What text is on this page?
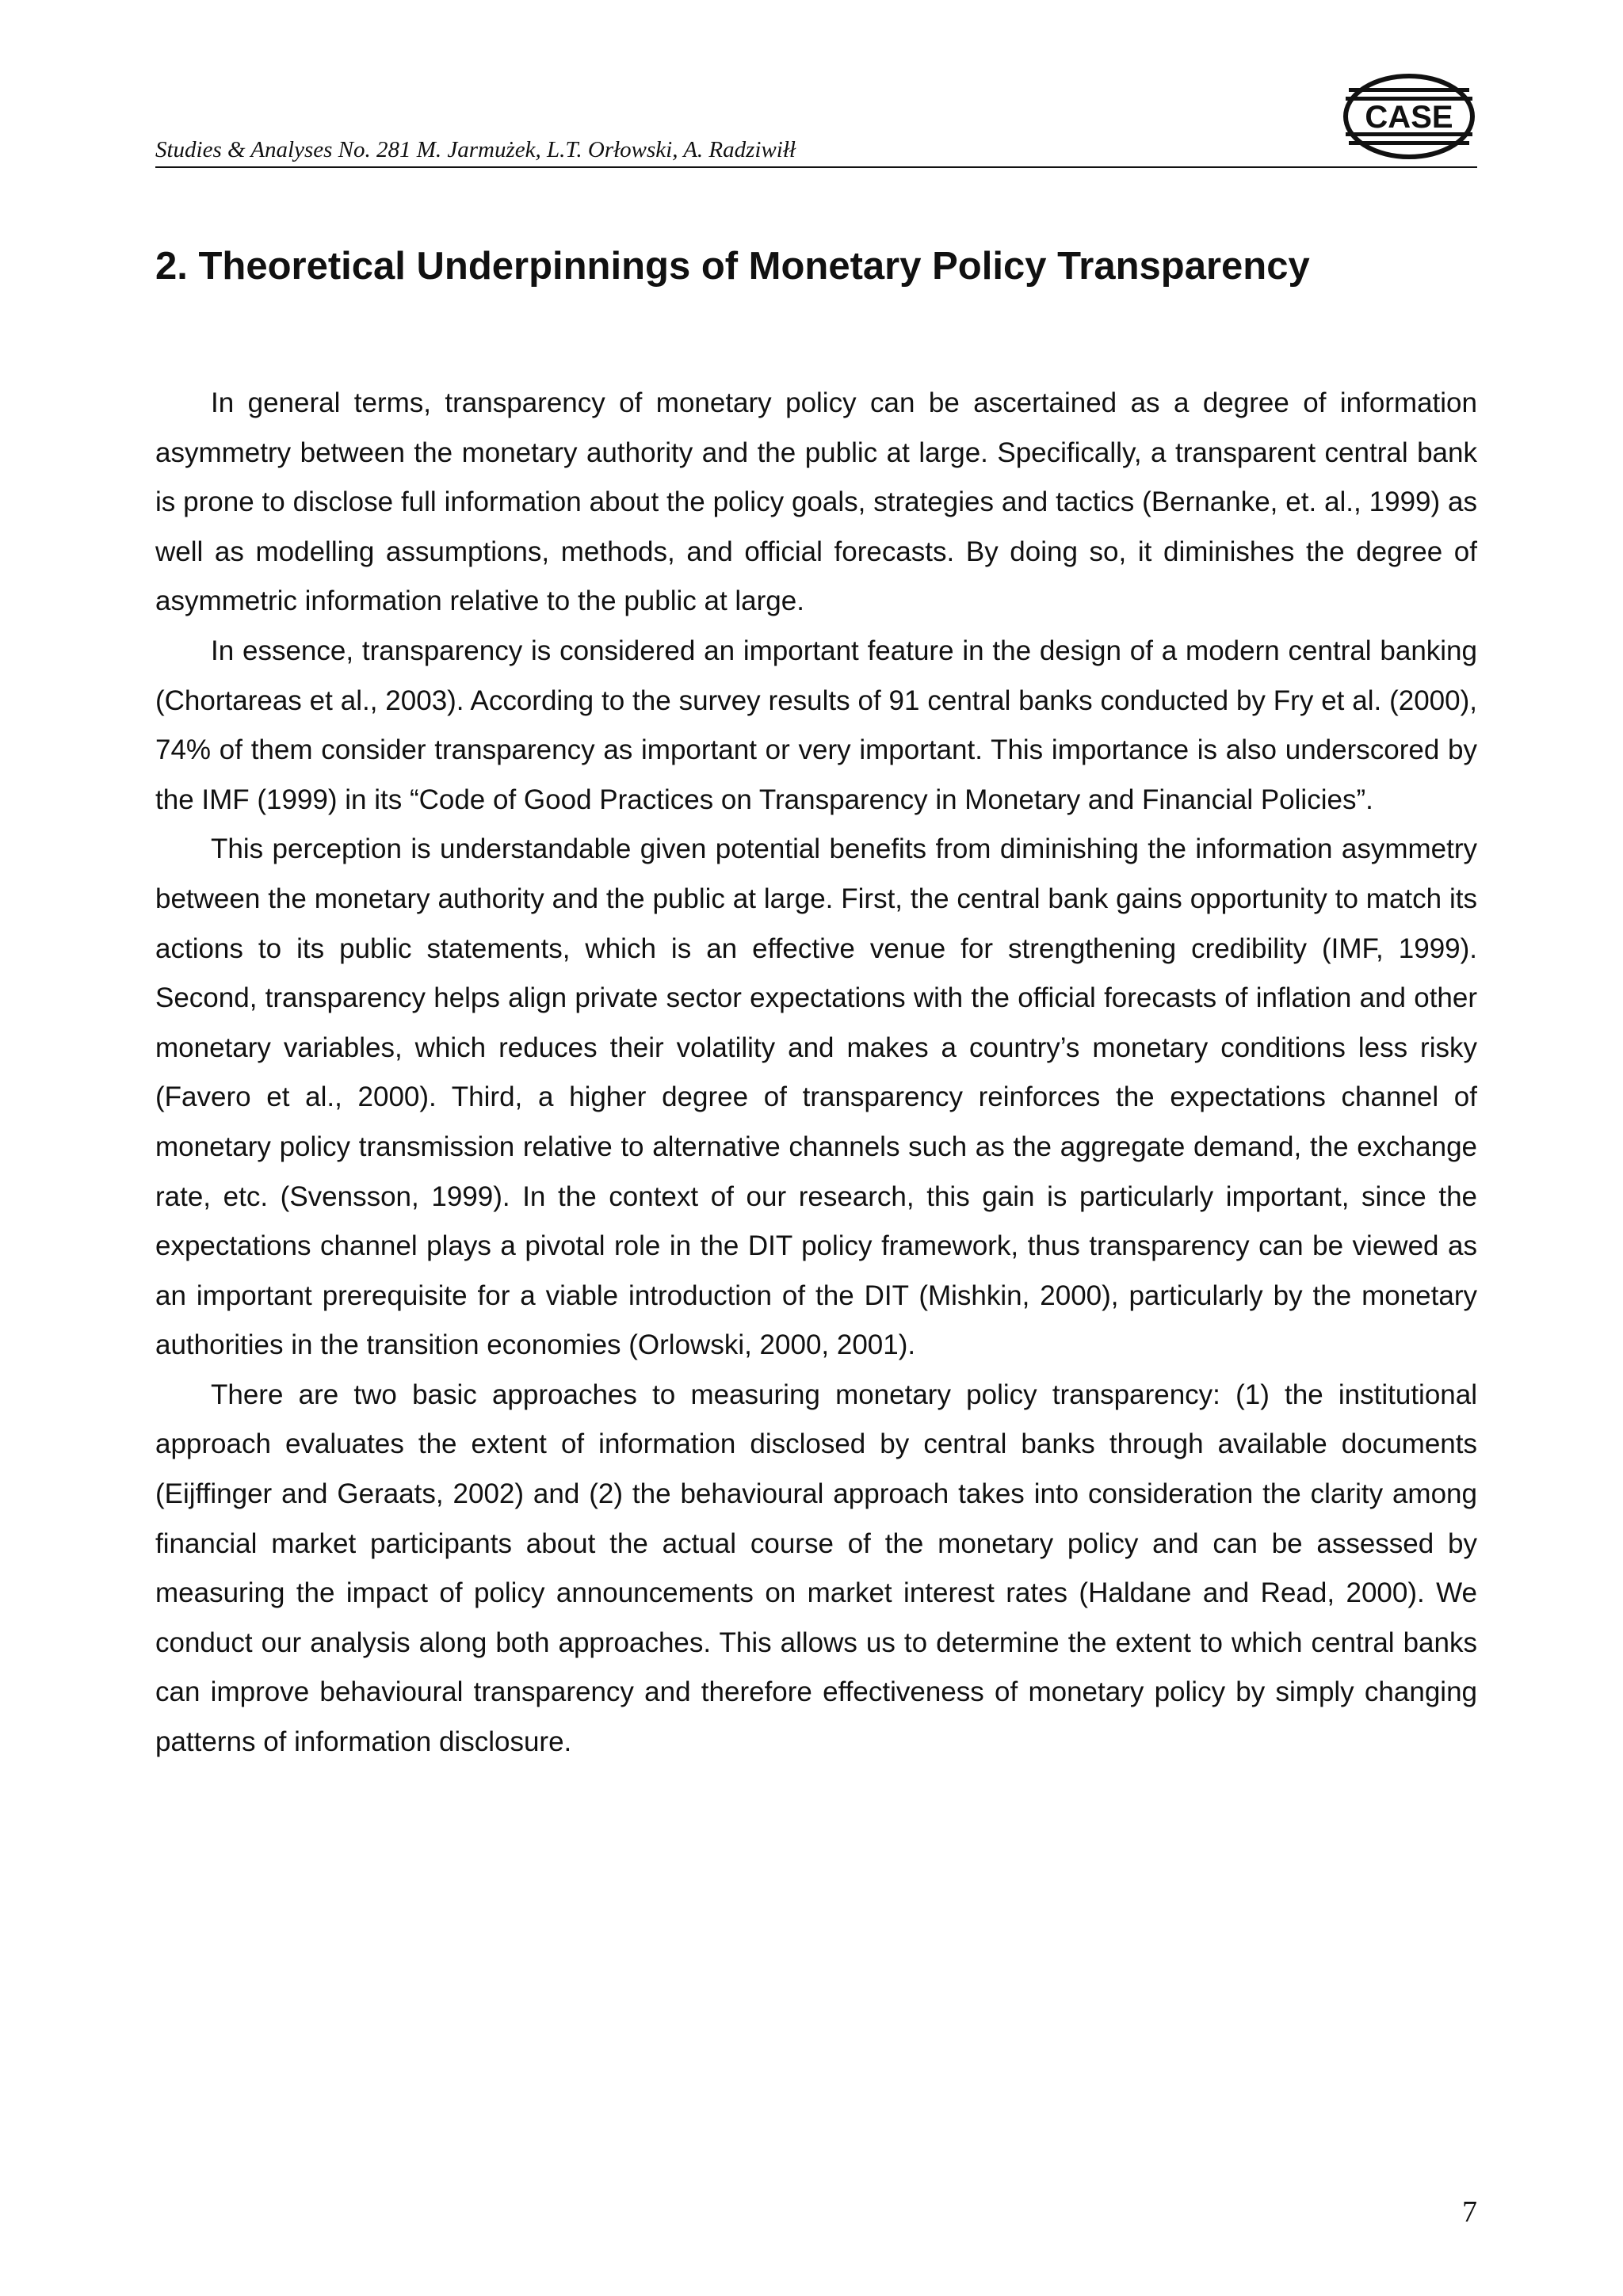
Studies & Analyses No. 281 M. Jarmużek, L.T. Orłowski, A. Radziwiłł
CASE
2. Theoretical Underpinnings of Monetary Policy Transparency

In general terms, transparency of monetary policy can be ascertained as a degree of information asymmetry between the monetary authority and the public at large. Specifically, a transparent central bank is prone to disclose full information about the policy goals, strategies and tactics (Bernanke, et. al., 1999) as well as modelling assumptions, methods, and official forecasts. By doing so, it diminishes the degree of asymmetric information relative to the public at large.

In essence, transparency is considered an important feature in the design of a modern central banking (Chortareas et al., 2003). According to the survey results of 91 central banks conducted by Fry et al. (2000), 74% of them consider transparency as important or very important. This importance is also underscored by the IMF (1999) in its “Code of Good Practices on Transparency in Monetary and Financial Policies”.

This perception is understandable given potential benefits from diminishing the information asymmetry between the monetary authority and the public at large. First, the central bank gains opportunity to match its actions to its public statements, which is an effective venue for strengthening credibility (IMF, 1999). Second, transparency helps align private sector expectations with the official forecasts of inflation and other monetary variables, which reduces their volatility and makes a country’s monetary conditions less risky (Favero et al., 2000). Third, a higher degree of transparency reinforces the expectations channel of monetary policy transmission relative to alternative channels such as the aggregate demand, the exchange rate, etc. (Svensson, 1999). In the context of our research, this gain is particularly important, since the expectations channel plays a pivotal role in the DIT policy framework, thus transparency can be viewed as an important prerequisite for a viable introduction of the DIT (Mishkin, 2000), particularly by the monetary authorities in the transition economies (Orlowski, 2000, 2001).

There are two basic approaches to measuring monetary policy transparency: (1) the institutional approach evaluates the extent of information disclosed by central banks through available documents (Eijffinger and Geraats, 2002) and (2) the behavioural approach takes into consideration the clarity among financial market participants about the actual course of the monetary policy and can be assessed by measuring the impact of policy announcements on market interest rates (Haldane and Read, 2000). We conduct our analysis along both approaches. This allows us to determine the extent to which central banks can improve behavioural transparency and therefore effectiveness of monetary policy by simply changing patterns of information disclosure.

7
